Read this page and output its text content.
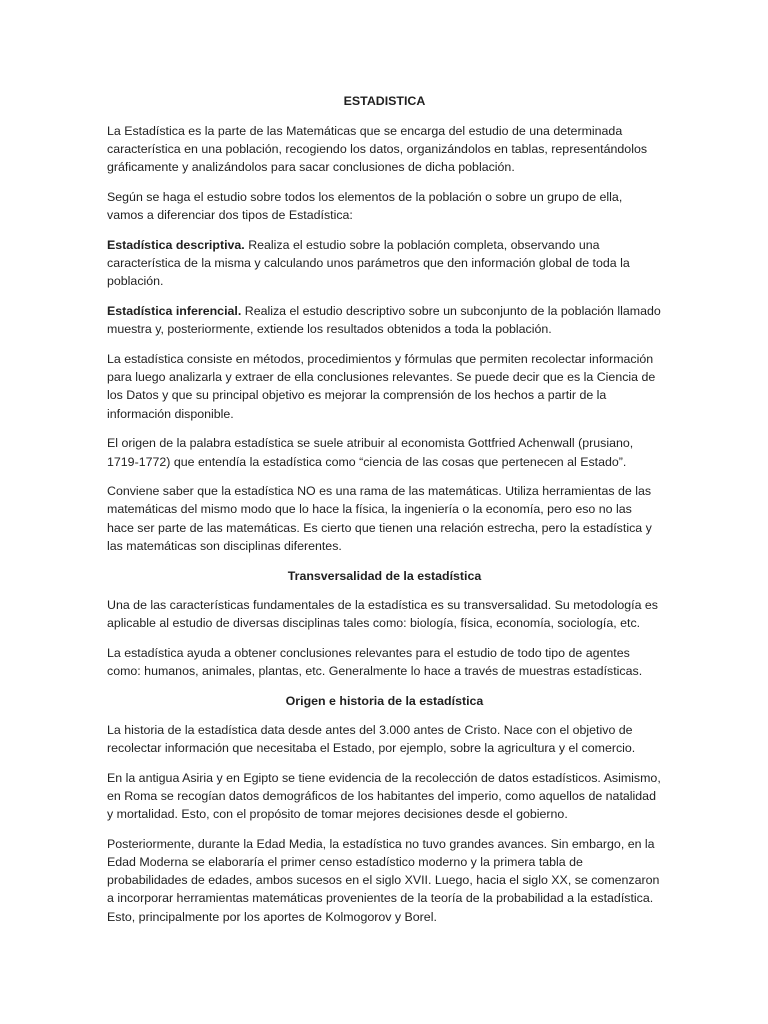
ESTADISTICA

La Estadística es la parte de las Matemáticas que se encarga del estudio de una determinada característica en una población, recogiendo los datos, organizándolos en tablas, representándolos gráficamente y analizándolos para sacar conclusiones de dicha población.

Según se haga el estudio sobre todos los elementos de la población o sobre un grupo de ella, vamos a diferenciar dos tipos de Estadística:

Estadística descriptiva. Realiza el estudio sobre la población completa, observando una característica de la misma y calculando unos parámetros que den información global de toda la población.

Estadística inferencial. Realiza el estudio descriptivo sobre un subconjunto de la población llamado muestra y, posteriormente, extiende los resultados obtenidos a toda la población.

La estadística consiste en métodos, procedimientos y fórmulas que permiten recolectar información para luego analizarla y extraer de ella conclusiones relevantes. Se puede decir que es la Ciencia de los Datos y que su principal objetivo es mejorar la comprensión de los hechos a partir de la información disponible.

El origen de la palabra estadística se suele atribuir al economista Gottfried Achenwall (prusiano, 1719-1772) que entendía la estadística como “ciencia de las cosas que pertenecen al Estado”.

Conviene saber que la estadística NO es una rama de las matemáticas. Utiliza herramientas de las matemáticas del mismo modo que lo hace la física, la ingeniería o la economía, pero eso no las hace ser parte de las matemáticas. Es cierto que tienen una relación estrecha, pero la estadística y las matemáticas son disciplinas diferentes.

Transversalidad de la estadística

Una de las características fundamentales de la estadística es su transversalidad. Su metodología es aplicable al estudio de diversas disciplinas tales como: biología, física, economía, sociología, etc.

La estadística ayuda a obtener conclusiones relevantes para el estudio de todo tipo de agentes como: humanos, animales, plantas, etc. Generalmente lo hace a través de muestras estadísticas.

Origen e historia de la estadística

La historia de la estadística data desde antes del 3.000 antes de Cristo. Nace con el objetivo de recolectar información que necesitaba el Estado, por ejemplo, sobre la agricultura y el comercio.

En la antigua Asiria y en Egipto se tiene evidencia de la recolección de datos estadísticos. Asimismo, en Roma se recogían datos demográficos de los habitantes del imperio, como aquellos de natalidad y mortalidad. Esto, con el propósito de tomar mejores decisiones desde el gobierno.

Posteriormente, durante la Edad Media, la estadística no tuvo grandes avances. Sin embargo, en la Edad Moderna se elaboraría el primer censo estadístico moderno y la primera tabla de probabilidades de edades, ambos sucesos en el siglo XVII. Luego, hacia el siglo XX, se comenzaron a incorporar herramientas matemáticas provenientes de la teoría de la probabilidad a la estadística. Esto, principalmente por los aportes de Kolmogorov y Borel.
